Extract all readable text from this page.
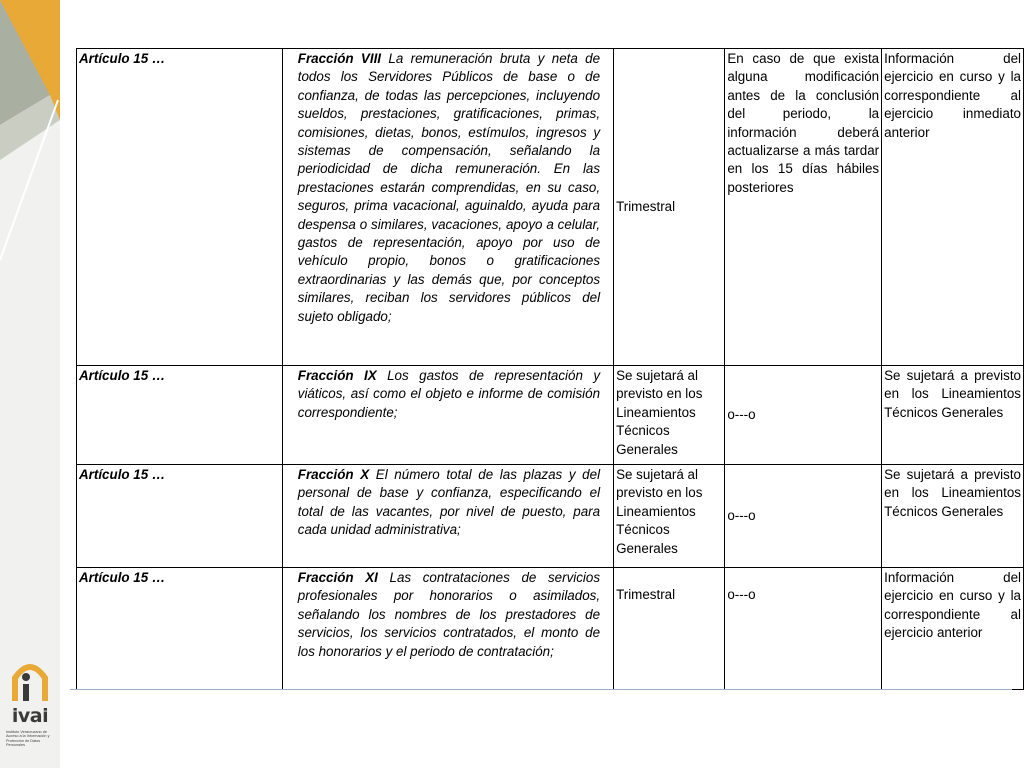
ivai
Instituto Veracruzano de Acceso a la Información y Protección de Datos Personales
Artículo 15 …	Fracción VIII La remuneración bruta y neta de todos los Servidores Públicos de base o de confianza, de todas las percepciones, incluyendo sueldos, prestaciones, gratificaciones, primas, comisiones, dietas, bonos, estímulos, ingresos y sistemas de compensación, señalando la periodicidad de dicha remuneración. En las prestaciones estarán comprendidas, en su caso, seguros, prima vacacional, aguinaldo, ayuda para despensa o similares, vacaciones, apoyo a celular, gastos de representación, apoyo por uso de vehículo propio, bonos o gratificaciones extraordinarias y las demás que, por conceptos similares, reciban los servidores públicos del sujeto obligado;	Trimestral	En caso de que exista alguna modificación antes de la conclusión del periodo, la información deberá actualizarse a más tardar en los 15 días hábiles posteriores	Información del ejercicio en curso y la correspondiente al ejercicio inmediato anterior
Artículo 15 …	Fracción IX Los gastos de representación y viáticos, así como el objeto e informe de comisión correspondiente;	Se sujetará al previsto en los Lineamientos Técnicos Generales	o---o	Se sujetará a previsto en los Lineamientos Técnicos Generales
Artículo 15 …	Fracción X El número total de las plazas y del personal de base y confianza, especificando el total de las vacantes, por nivel de puesto, para cada unidad administrativa;	Se sujetará al previsto en los Lineamientos Técnicos Generales	o---o	Se sujetará a previsto en los Lineamientos Técnicos Generales
Artículo 15 …	Fracción XI Las contrataciones de servicios profesionales por honorarios o asimilados, señalando los nombres de los prestadores de servicios, los servicios contratados, el monto de los honorarios y el periodo de contratación;	Trimestral	o---o	Información del ejercicio en curso y la correspondiente al ejercicio anterior
